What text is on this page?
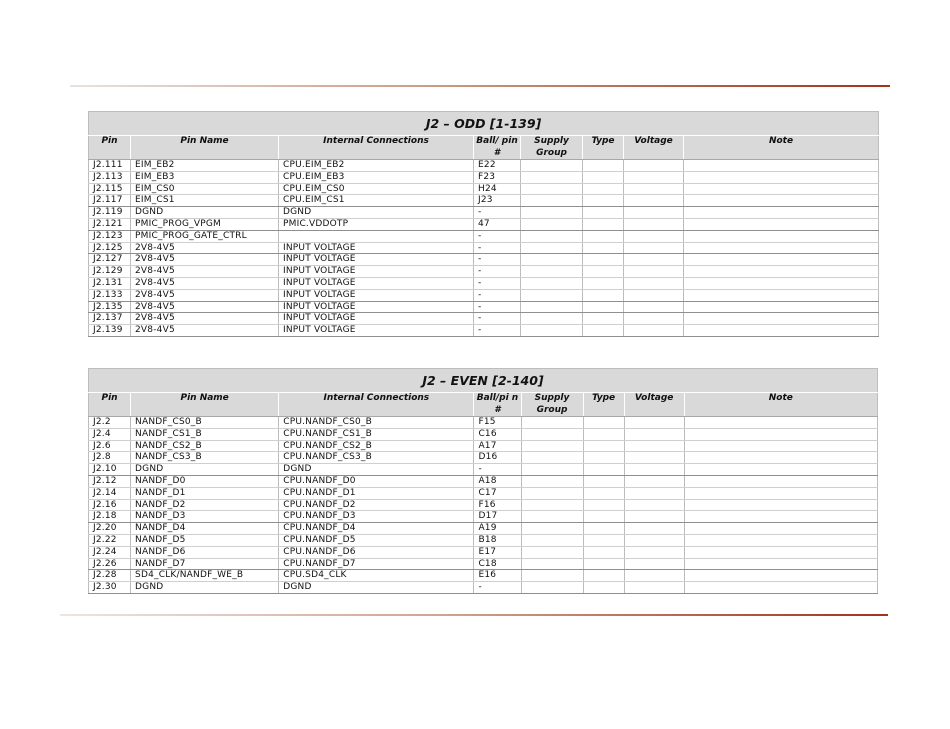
J2 – ODD [1-139]							
Pin	Pin Name	Internal Connections	Ball/ pin #	Supply Group	Type	Voltage	Note
J2.111	EIM_EB2	CPU.EIM_EB2	E22				
J2.113	EIM_EB3	CPU.EIM_EB3	F23				
J2.115	EIM_CS0	CPU.EIM_CS0	H24				
J2.117	EIM_CS1	CPU.EIM_CS1	J23				
J2.119	DGND	DGND	-				
J2.121	PMIC_PROG_VPGM	PMIC.VDDOTP	47				
J2.123	PMIC_PROG_GATE_CTRL		-				
J2.125	2V8-4V5	INPUT VOLTAGE	-				
J2.127	2V8-4V5	INPUT VOLTAGE	-				
J2.129	2V8-4V5	INPUT VOLTAGE	-				
J2.131	2V8-4V5	INPUT VOLTAGE	-				
J2.133	2V8-4V5	INPUT VOLTAGE	-				
J2.135	2V8-4V5	INPUT VOLTAGE	-				
J2.137	2V8-4V5	INPUT VOLTAGE	-				
J2.139	2V8-4V5	INPUT VOLTAGE	-				
J2 – EVEN [2-140]							
Pin	Pin Name	Internal Connections	Ball/pi n #	Supply Group	Type	Voltage	Note
J2.2	NANDF_CS0_B	CPU.NANDF_CS0_B	F15				
J2.4	NANDF_CS1_B	CPU.NANDF_CS1_B	C16				
J2.6	NANDF_CS2_B	CPU.NANDF_CS2_B	A17				
J2.8	NANDF_CS3_B	CPU.NANDF_CS3_B	D16				
J2.10	DGND	DGND	-				
J2.12	NANDF_D0	CPU.NANDF_D0	A18				
J2.14	NANDF_D1	CPU.NANDF_D1	C17				
J2.16	NANDF_D2	CPU.NANDF_D2	F16				
J2.18	NANDF_D3	CPU.NANDF_D3	D17				
J2.20	NANDF_D4	CPU.NANDF_D4	A19				
J2.22	NANDF_D5	CPU.NANDF_D5	B18				
J2.24	NANDF_D6	CPU.NANDF_D6	E17				
J2.26	NANDF_D7	CPU.NANDF_D7	C18				
J2.28	SD4_CLK/NANDF_WE_B	CPU.SD4_CLK	E16				
J2.30	DGND	DGND	-				
